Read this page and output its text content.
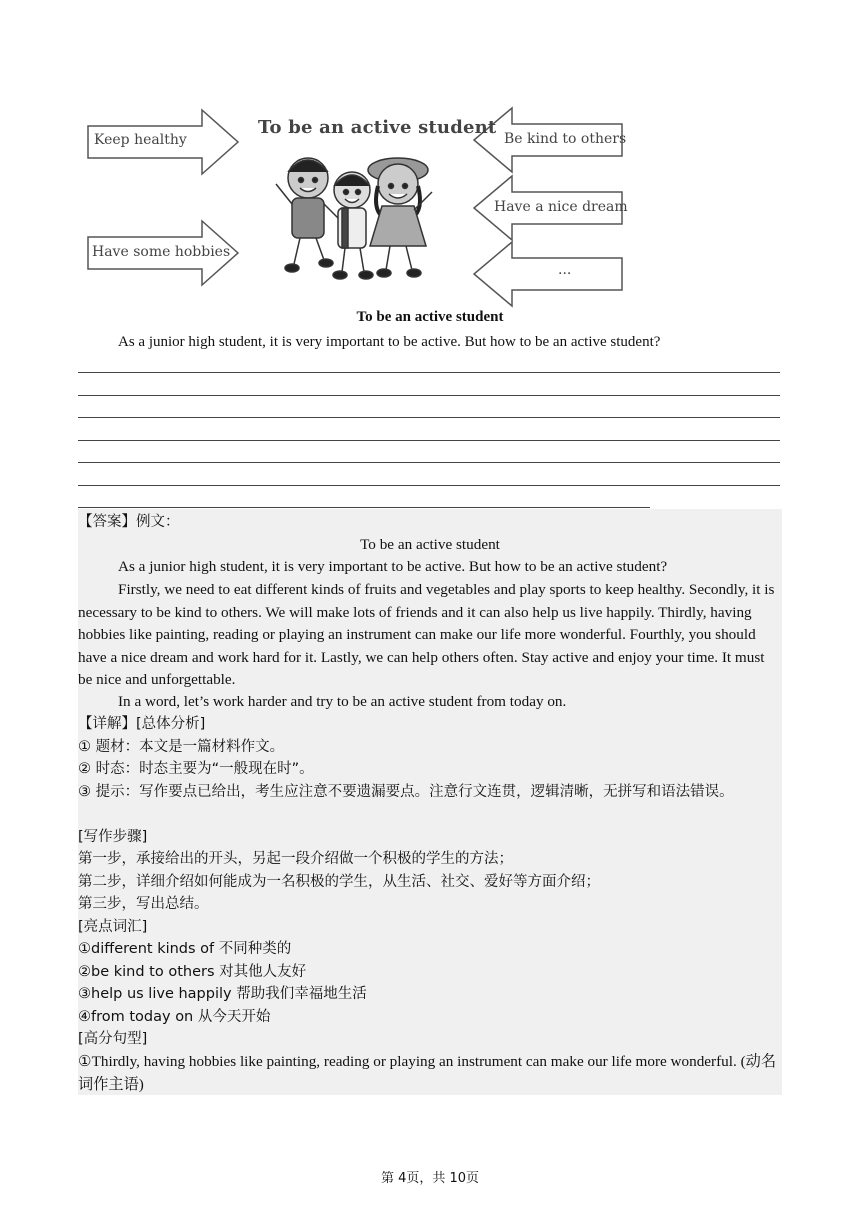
Keep healthy
Have some hobbies
Be kind to others
Have a nice dream
...
To be an active student
To be an active student
As a junior high student, it is very important to be active. But how to be an active student?
【答案】例文：
To be an active student
As a junior high student, it is very important to be active. But how to be an active student?
Firstly, we need to eat different kinds of fruits and vegetables and play sports to keep healthy. Secondly, it is necessary to be kind to others. We will make lots of friends and it can also help us live happily. Thirdly, having hobbies like painting, reading or playing an instrument can make our life more wonderful. Fourthly, you should have a nice dream and work hard for it. Lastly, we can help others often. Stay active and enjoy your time. It must be nice and unforgettable.
In a word, let’s work harder and try to be an active student from today on.
【详解】[总体分析]
① 题材：本文是一篇材料作文。
② 时态：时态主要为“一般现在时”。
③ 提示：写作要点已给出，考生应注意不要遗漏要点。注意行文连贯，逻辑清晰，无拼写和语法错误。
[写作步骤]
第一步，承接给出的开头，另起一段介绍做一个积极的学生的方法；
第二步，详细介绍如何能成为一名积极的学生，从生活、社交、爱好等方面介绍；
第三步，写出总结。
[亮点词汇]
①different kinds of 不同种类的
②be kind to others 对其他人友好
③help us live happily 帮助我们幸福地生活
④from today on 从今天开始
[高分句型]
①Thirdly, having hobbies like painting, reading or playing an instrument can make our life more wonderful. (动名词作主语)
第 4页，共 10页
